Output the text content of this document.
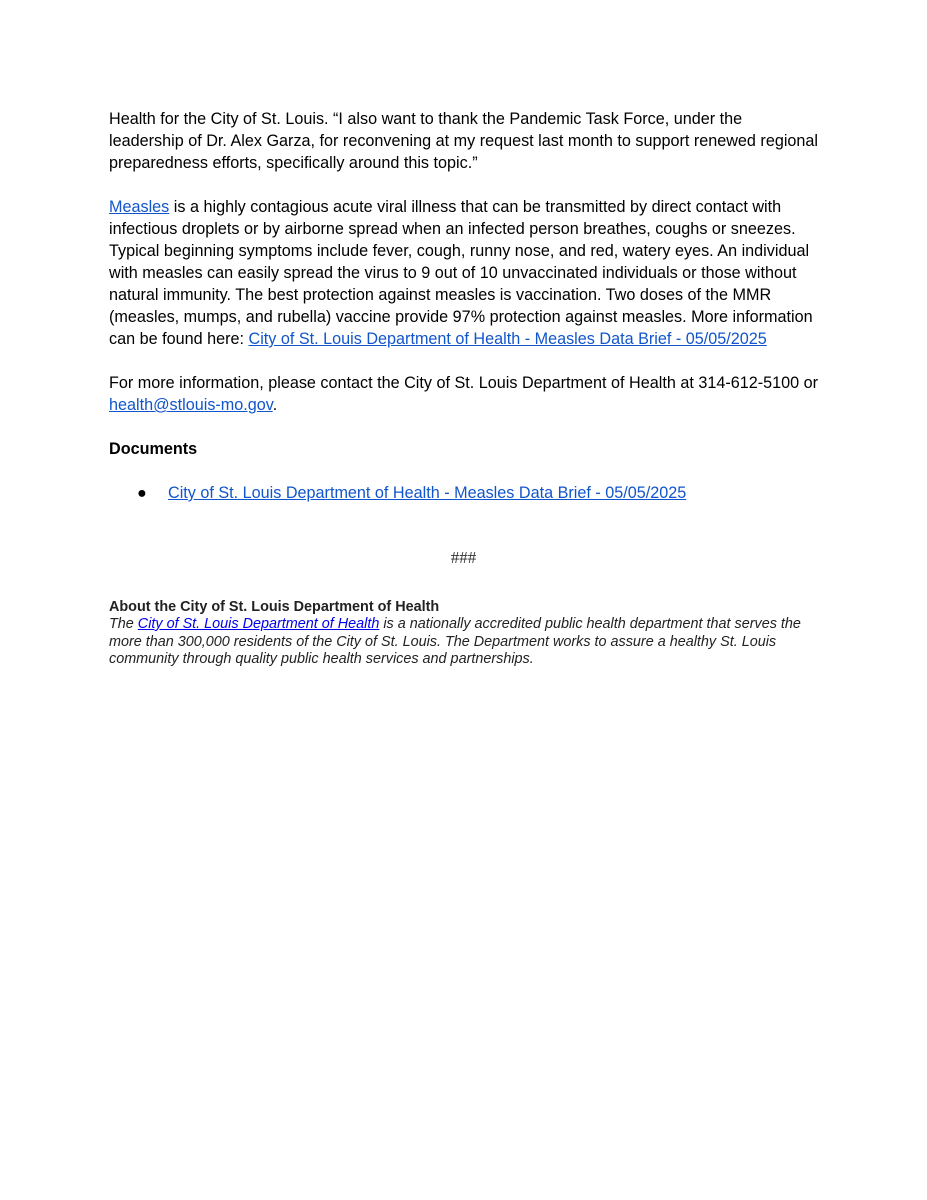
Health for the City of St. Louis. “I also want to thank the Pandemic Task Force, under the leadership of Dr. Alex Garza, for reconvening at my request last month to support renewed regional preparedness efforts, specifically around this topic.”

Measles is a highly contagious acute viral illness that can be transmitted by direct contact with infectious droplets or by airborne spread when an infected person breathes, coughs or sneezes. Typical beginning symptoms include fever, cough, runny nose, and red, watery eyes. An individual with measles can easily spread the virus to 9 out of 10 unvaccinated individuals or those without natural immunity. The best protection against measles is vaccination. Two doses of the MMR (measles, mumps, and rubella) vaccine provide 97% protection against measles. More information can be found here: City of St. Louis Department of Health - Measles Data Brief - 05/05/2025

For more information, please contact the City of St. Louis Department of Health at 314-612-5100 or health@stlouis-mo.gov.

Documents

● City of St. Louis Department of Health - Measles Data Brief - 05/05/2025

###

About the City of St. Louis Department of Health

The City of St. Louis Department of Health is a nationally accredited public health department that serves the more than 300,000 residents of the City of St. Louis. The Department works to assure a healthy St. Louis community through quality public health services and partnerships.
